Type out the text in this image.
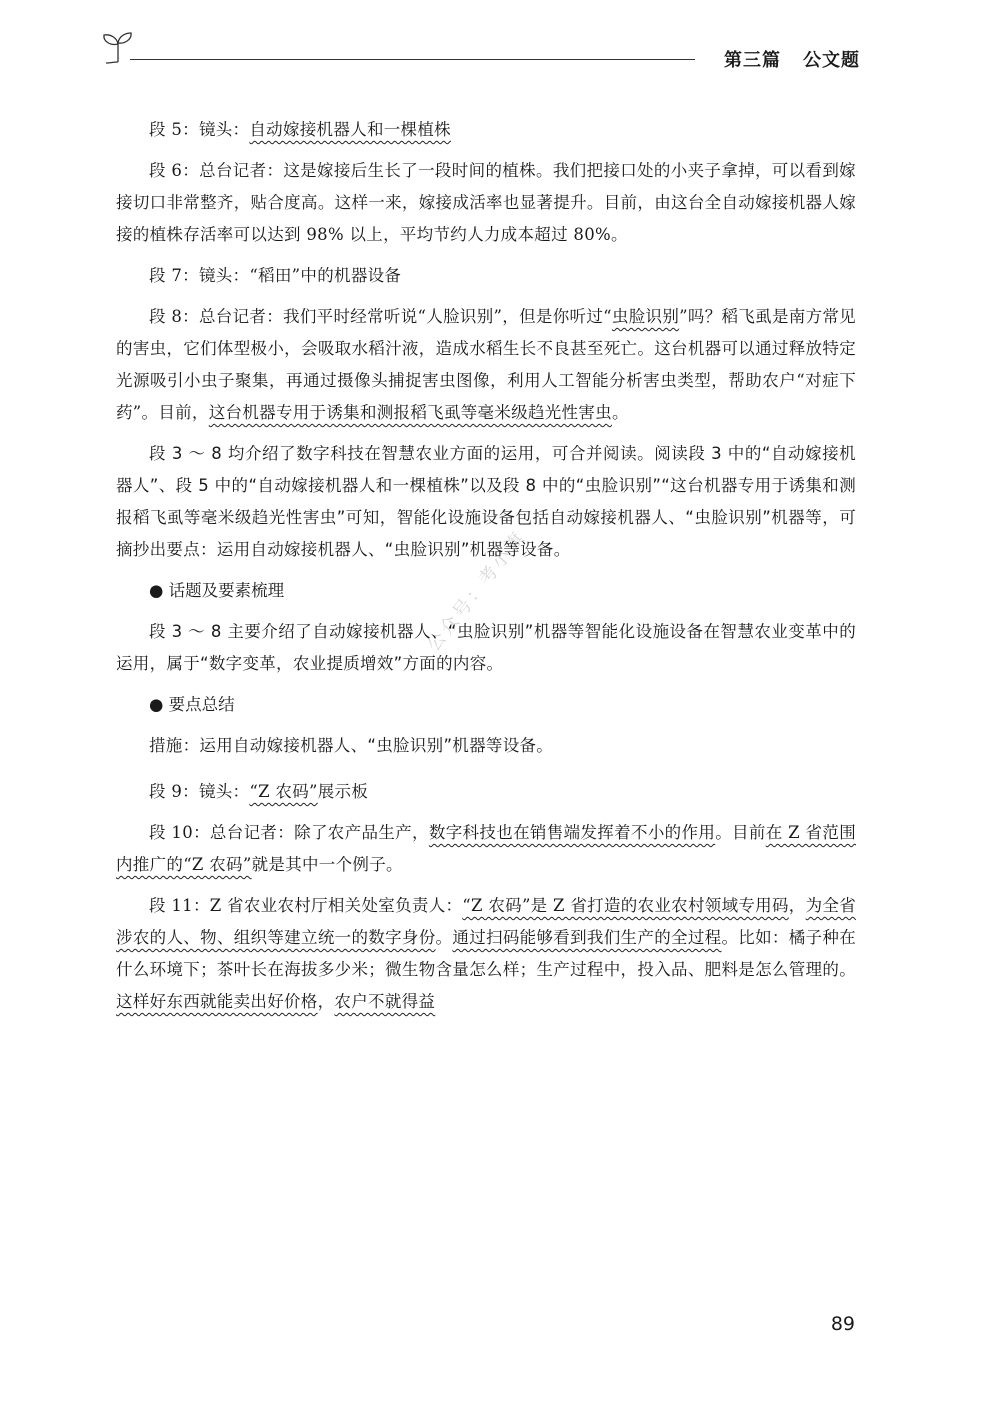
第三篇 公文题

段 5：镜头：自动嫁接机器人和一棵植株

段 6：总台记者：这是嫁接后生长了一段时间的植株。我们把接口处的小夹子拿掉，可以看到嫁接切口非常整齐，贴合度高。这样一来，嫁接成活率也显著提升。目前，由这台全自动嫁接机器人嫁接的植株存活率可以达到 98% 以上，平均节约人力成本超过 80%。

段 7：镜头：“稻田”中的机器设备

段 8：总台记者：我们平时经常听说“人脸识别”，但是你听过“虫脸识别”吗？稻飞虱是南方常见的害虫，它们体型极小，会吸取水稻汁液，造成水稻生长不良甚至死亡。这台机器可以通过释放特定光源吸引小虫子聚集，再通过摄像头捕捉害虫图像，利用人工智能分析害虫类型，帮助农户“对症下药”。目前，这台机器专用于诱集和测报稻飞虱等毫米级趋光性害虫。

段 3 ～ 8 均介绍了数字科技在智慧农业方面的运用，可合并阅读。阅读段 3 中的“自动嫁接机器人”、段 5 中的“自动嫁接机器人和一棵植株”以及段 8 中的“虫脸识别”“这台机器专用于诱集和测报稻飞虱等毫米级趋光性害虫”可知，智能化设施设备包括自动嫁接机器人、“虫脸识别”机器等，可摘抄出要点：运用自动嫁接机器人、“虫脸识别”机器等设备。

● 话题及要素梳理

段 3 ～ 8 主要介绍了自动嫁接机器人、“虫脸识别”机器等智能化设施设备在智慧农业变革中的运用，属于“数字变革，农业提质增效”方面的内容。

● 要点总结

措施：运用自动嫁接机器人、“虫脸识别”机器等设备。

段 9：镜头：“Z 农码”展示板

段 10：总台记者：除了农产品生产，数字科技也在销售端发挥着不小的作用。目前在 Z 省范围内推广的“Z 农码”就是其中一个例子。

段 11：Z 省农业农村厅相关处室负责人：“Z 农码”是 Z 省打造的农业农村领域专用码，为全省涉农的人、物、组织等建立统一的数字身份。通过扫码能够看到我们生产的全过程。比如：橘子种在什么环境下；茶叶长在海拔多少米；微生物含量怎么样；生产过程中，投入品、肥料是怎么管理的。这样好东西就能卖出好价格，农户不就得益

公众号：考小旗
89
